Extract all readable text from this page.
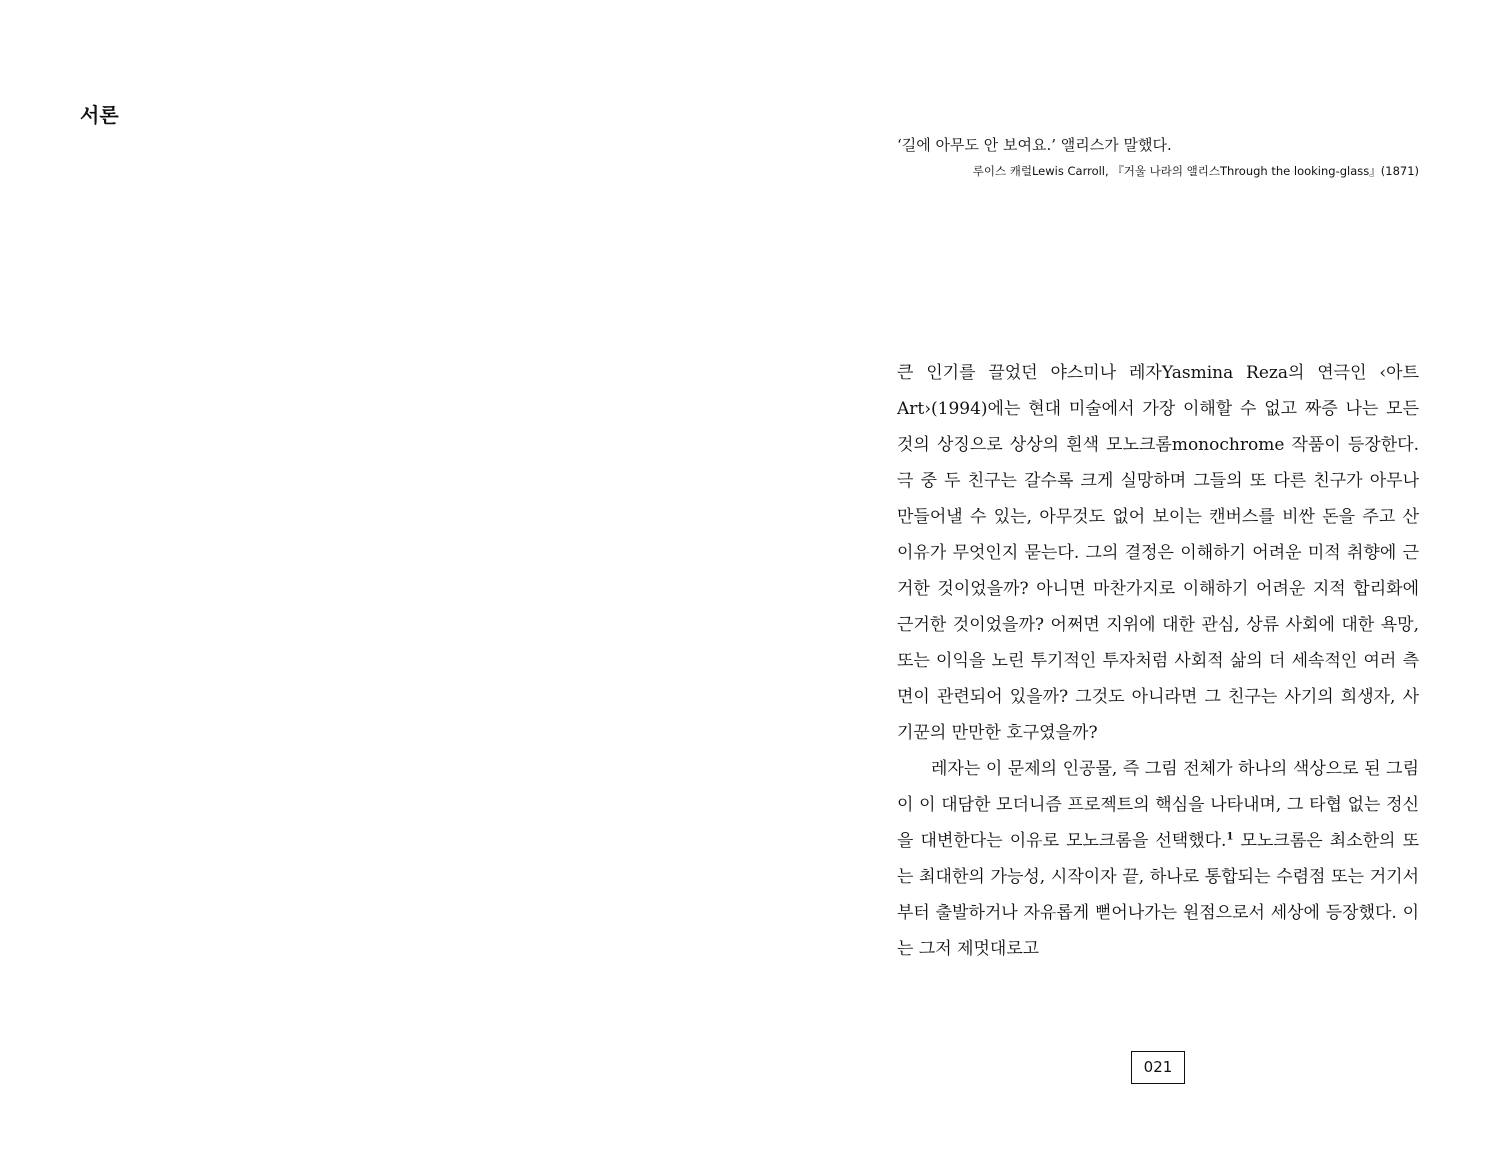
서론

‘길에 아무도 안 보여요.’ 앨리스가 말했다.

루이스 캐럴Lewis Carroll, 『거울 나라의 앨리스Through the looking-glass』(1871)

큰 인기를 끌었던 야스미나 레자Yasmina Reza의 연극인 ‹아트Art›(1994)에는 현대 미술에서 가장 이해할 수 없고 짜증 나는 모든 것의 상징으로 상상의 흰색 모노크롬monochrome 작품이 등장한다. 극 중 두 친구는 갈수록 크게 실망하며 그들의 또 다른 친구가 아무나 만들어낼 수 있는, 아무것도 없어 보이는 캔버스를 비싼 돈을 주고 산 이유가 무엇인지 묻는다. 그의 결정은 이해하기 어려운 미적 취향에 근거한 것이었을까? 아니면 마찬가지로 이해하기 어려운 지적 합리화에 근거한 것이었을까? 어쩌면 지위에 대한 관심, 상류 사회에 대한 욕망, 또는 이익을 노린 투기적인 투자처럼 사회적 삶의 더 세속적인 여러 측면이 관련되어 있을까? 그것도 아니라면 그 친구는 사기의 희생자, 사기꾼의 만만한 호구였을까?

레자는 이 문제의 인공물, 즉 그림 전체가 하나의 색상으로 된 그림이 이 대담한 모더니즘 프로젝트의 핵심을 나타내며, 그 타협 없는 정신을 대변한다는 이유로 모노크롬을 선택했다.$^1$ 모노크롬은 최소한의 또는 최대한의 가능성, 시작이자 끝, 하나로 통합되는 수렴점 또는 거기서부터 출발하거나 자유롭게 뻗어나가는 원점으로서 세상에 등장했다. 이는 그저 제멋대로고

021
